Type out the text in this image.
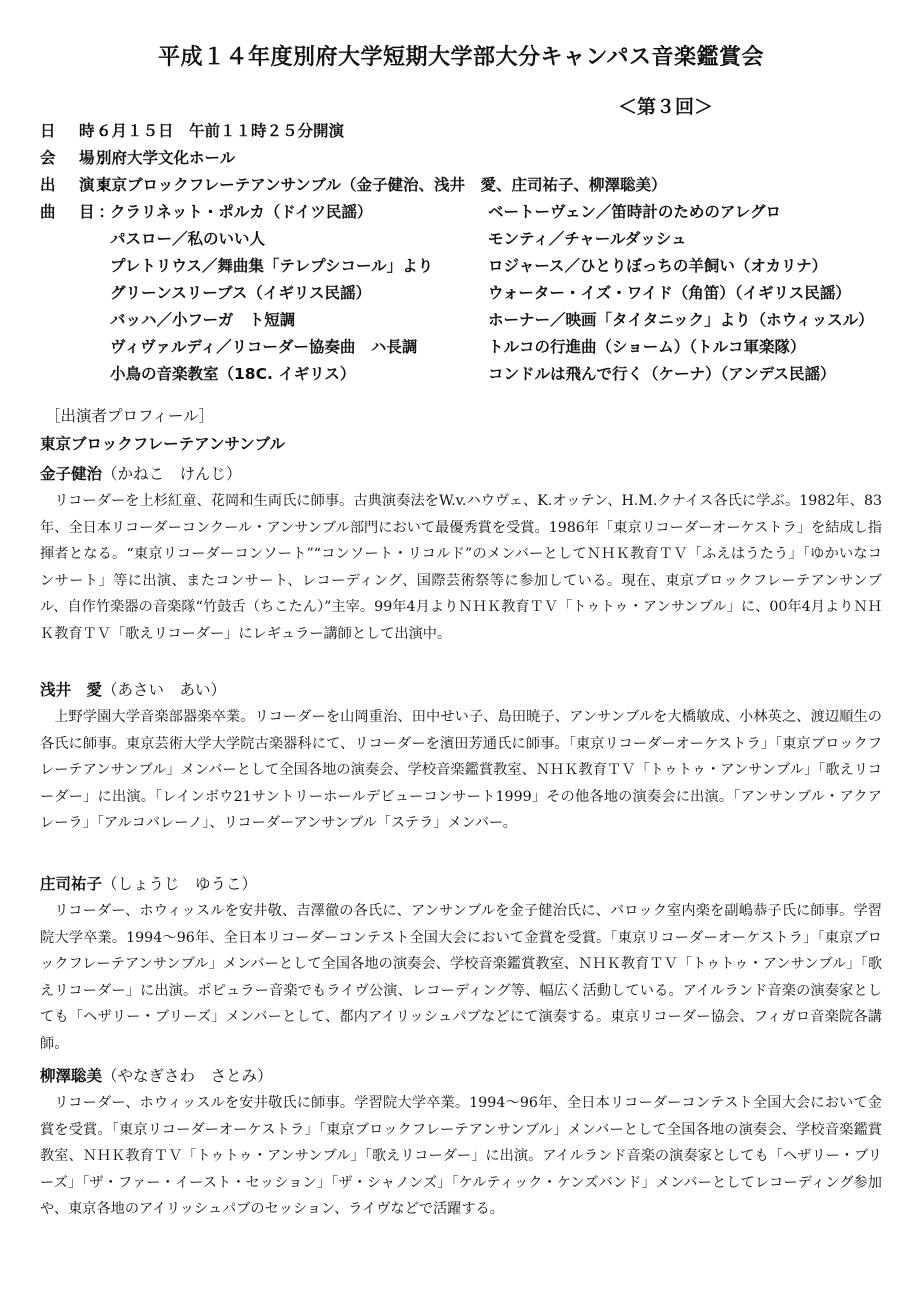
平成１４年度別府大学短期大学部大分キャンパス音楽鑑賞会
＜第３回＞
日　時：６月１５日　午前１１時２５分開演
会　場：別府大学文化ホール
出　演：東京ブロックフレーテアンサンブル（金子健治、浅井　愛、庄司祐子、柳澤聡美）
曲　目：
クラリネット・ポルカ（ドイツ民謡）	ベートーヴェン／笛時計のためのアレグロ
パスロー／私のいい人	モンティ／チャールダッシュ
プレトリウス／舞曲集「テレプシコール」より	ロジャース／ひとりぼっちの羊飼い（オカリナ）
グリーンスリーブス（イギリス民謡）	ウォーター・イズ・ワイド（角笛）（イギリス民謡）
バッハ／小フーガ　ト短調	ホーナー／映画「タイタニック」より（ホウィッスル）
ヴィヴァルディ／リコーダー協奏曲　ハ長調	トルコの行進曲（ショーム）（トルコ軍楽隊）
小鳥の音楽教室（18C. イギリス）	コンドルは飛んで行く（ケーナ）（アンデス民謡）
［出演者プロフィール］
東京ブロックフレーテアンサンブル
金子健治（かねこ　けんじ）

リコーダーを上杉紅童、花岡和生両氏に師事。古典演奏法をW.v.ハウヴェ、K.オッテン、H.M.クナイス各氏に学ぶ。1982年、83年、全日本リコーダーコンクール・アンサンブル部門において最優秀賞を受賞。1986年「東京リコーダーオーケストラ」を結成し指揮者となる。“東京リコーダーコンソート”“コンソート・リコルド”のメンバーとしてＮＨＫ教育ＴＶ「ふえはうたう」「ゆかいなコンサート」等に出演、またコンサート、レコーディング、国際芸術祭等に参加している。現在、東京ブロックフレーテアンサンブル、自作竹楽器の音楽隊“竹鼓舌（ちこたん）”主宰。99年4月よりＮＨＫ教育ＴＶ「トゥトゥ・アンサンブル」に、00年4月よりＮＨＫ教育ＴＶ「歌えリコーダー」にレギュラー講師として出演中。

浅井　愛（あさい　あい）

上野学園大学音楽部器楽卒業。リコーダーを山岡重治、田中せい子、島田暁子、アンサンブルを大橋敏成、小林英之、渡辺順生の各氏に師事。東京芸術大学大学院古楽器科にて、リコーダーを濱田芳通氏に師事。「東京リコーダーオーケストラ」「東京ブロックフレーテアンサンブル」メンバーとして全国各地の演奏会、学校音楽鑑賞教室、ＮＨＫ教育ＴＶ「トゥトゥ・アンサンブル」「歌えリコーダー」に出演。「レインボウ21サントリーホールデビューコンサート1999」その他各地の演奏会に出演。「アンサンブル・アクアレーラ」「アルコバレーノ」、リコーダーアンサンブル「ステラ」メンバー。

庄司祐子（しょうじ　ゆうこ）

リコーダー、ホウィッスルを安井敬、吉澤徹の各氏に、アンサンブルを金子健治氏に、バロック室内楽を副嶋恭子氏に師事。学習院大学卒業。1994～96年、全日本リコーダーコンテスト全国大会において金賞を受賞。「東京リコーダーオーケストラ」「東京ブロックフレーテアンサンブル」メンバーとして全国各地の演奏会、学校音楽鑑賞教室、ＮＨＫ教育ＴＶ「トゥトゥ・アンサンブル」「歌えリコーダー」に出演。ポピュラー音楽でもライヴ公演、レコーディング等、幅広く活動している。アイルランド音楽の演奏家としても「ヘザリー・ブリーズ」メンバーとして、都内アイリッシュパブなどにて演奏する。東京リコーダー協会、フィガロ音楽院各講師。

柳澤聡美（やなぎさわ　さとみ）

リコーダー、ホウィッスルを安井敬氏に師事。学習院大学卒業。1994～96年、全日本リコーダーコンテスト全国大会において金賞を受賞。「東京リコーダーオーケストラ」「東京ブロックフレーテアンサンブル」メンバーとして全国各地の演奏会、学校音楽鑑賞教室、ＮＨＫ教育ＴＶ「トゥトゥ・アンサンブル」「歌えリコーダー」に出演。アイルランド音楽の演奏家としても「ヘザリー・ブリーズ」「ザ・ファー・イースト・セッション」「ザ・シャノンズ」「ケルティック・ケンズバンド」メンバーとしてレコーディング参加や、東京各地のアイリッシュパブのセッション、ライヴなどで活躍する。
